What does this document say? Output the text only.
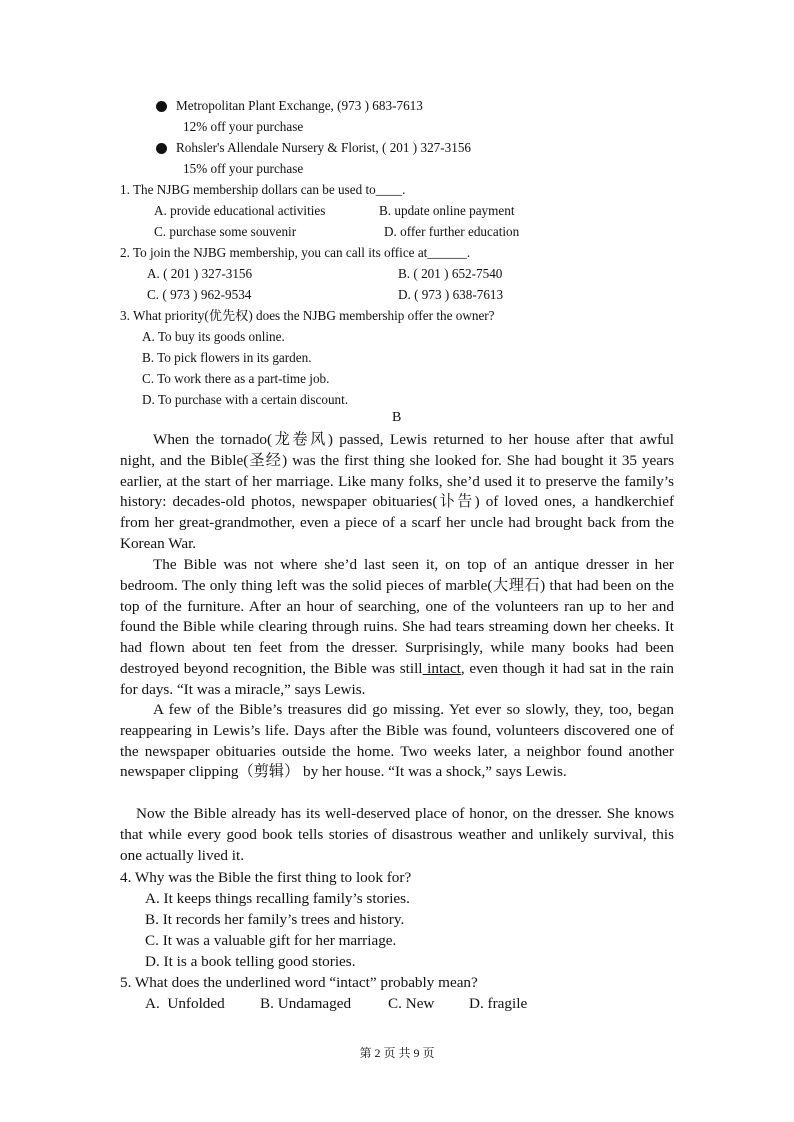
Metropolitan Plant Exchange, (973 ) 683-7613
12% off your purchase
Rohsler's Allendale Nursery & Florist, ( 201 ) 327-3156
15% off your purchase
1. The NJBG membership dollars can be used to____.
A. provide educational activities	B. update online payment
C. purchase some souvenir	D. offer further education
2. To join the NJBG membership, you can call its office at______.
A. ( 201 ) 327-3156	B. ( 201 ) 652-7540
C. ( 973 ) 962-9534	D. ( 973 ) 638-7613
3. What priority(优先权) does the NJBG membership offer the owner?
A. To buy its goods online.
B. To pick flowers in its garden.
C. To work there as a part-time job.
D. To purchase with a certain discount.
B

When the tornado(龙卷风) passed, Lewis returned to her house after that awful night, and the Bible(圣经) was the first thing she looked for. She had bought it 35 years earlier, at the start of her marriage. Like many folks, she’d used it to preserve the family’s history: decades-old photos, newspaper obituaries(讣告) of loved ones, a handkerchief from her great-grandmother, even a piece of a scarf her uncle had brought back from the Korean War.

The Bible was not where she’d last seen it, on top of an antique dresser in her bedroom. The only thing left was the solid pieces of marble(大理石) that had been on the top of the furniture. After an hour of searching, one of the volunteers ran up to her and found the Bible while clearing through ruins. She had tears streaming down her cheeks. It had flown about ten feet from the dresser. Surprisingly, while many books had been destroyed beyond recognition, the Bible was still intact, even though it had sat in the rain for days. “It was a miracle,” says Lewis.

A few of the Bible’s treasures did go missing. Yet ever so slowly, they, too, began reappearing in Lewis’s life. Days after the Bible was found, volunteers discovered one of the newspaper obituaries outside the home. Two weeks later, a neighbor found another newspaper clipping（剪辑） by her house. “It was a shock,” says Lewis.

Now the Bible already has its well-deserved place of honor, on the dresser. She knows that while every good book tells stories of disastrous weather and unlikely survival, this one actually lived it.

4. Why was the Bible the first thing to look for?
A. It keeps things recalling family’s stories.
B. It records her family’s trees and history.
C. It was a valuable gift for her marriage.
D. It is a book telling good stories.
5. What does the underlined word “intact” probably mean?
A.  Unfolded B. Undamaged C. New D. fragile
第 2 页 共 9 页
